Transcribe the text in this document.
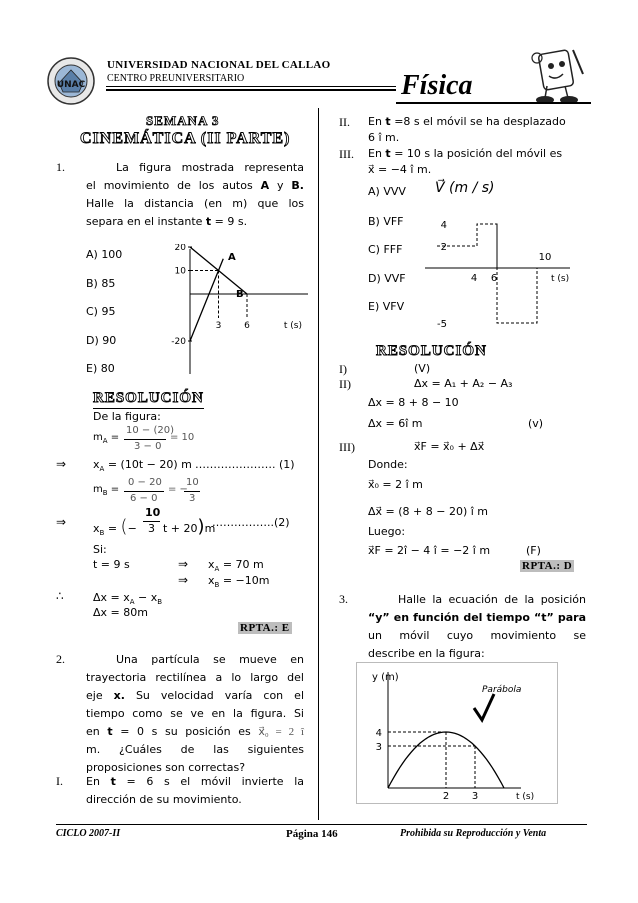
UNAC
UNIVERSIDAD NACIONAL DEL CALLAO
CENTRO PREUNIVERSITARIO	Física
SEMANA 3
CINEMÁTICA (II PARTE)
1.	La figura mostrada representa
el movimiento de los autos A y B.
Halle la distancia (en m) que los
separa en el instante t = 9 s.
A) 100
B) 85
C) 95
D) 90
E) 80
t (s)
20
10
-20
3	6
A
B
RESOLUCIÓN
De la figura:
$m_A$ =
10 − (20)
3 − 0
= 10
⇒ $x_A = (10t - 20)$ m …………………. (1)
$m_B$ =
0 − 20
6 − 0
= −
10
3
⇒ $x_B$ = (−
10
3 t + 20)m
……………..(2)
Si:
t = 9 s	⇒ $x_A = 70$ m
⇒ $x_B = -10m$
∴	$\Delta x = x_A - x_B$
Δx = 80m
RPTA.: E
2.	Una partícula se mueve en
trayectoria rectilínea a lo largo del
eje x. Su velocidad varía con el
tiempo como se ve en la figura. Si
en t = 0 s su posición es x⃗₀ = 2 î
m. ¿Cuáles de las siguientes
proposiciones son correctas?
I. En t = 6 s el móvil invierte la
dirección de su movimiento.
II. En t =8 s el móvil se ha desplazado
6 î m.
III. En t = 10 s la posición del móvil es
x⃗ = −4 î m.
A) VVV
B) VFF
C) FFF
D) VVF
E) VFV
V⃗ (m / s)
4
2
-5
4 6
10
t (s)
RESOLUCIÓN
I)	(V)
II)	Δx = A₁ + A₂ − A₃
Δx = 8 + 8 − 10
Δx = 6î m	(v)
III)	x⃗F = x⃗₀ + Δx⃗
Donde:
x⃗₀ = 2 î m
Δx⃗ = (8 + 8 − 20) î m
Luego:
x⃗F = 2î − 4 î = −2 î m	(F)
RPTA.: D
3.	Halle la ecuación de la posición
“y” en función del tiempo “t” para
un móvil cuyo movimiento se
describe en la figura:
y (m)
t (s)
Parábola
4
3
2 3
CICLO 2007-II	Página 146	Prohibida su Reproducción y Venta
